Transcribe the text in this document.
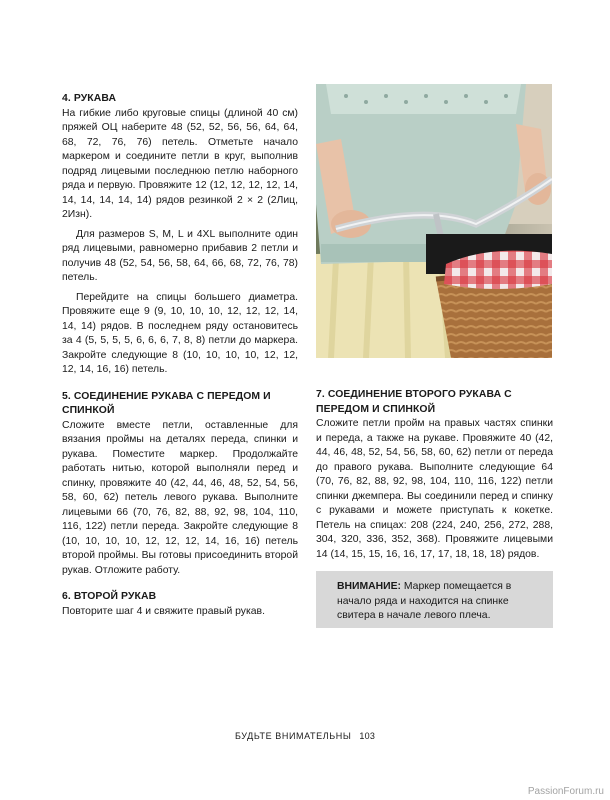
4. РУКАВА

На гибкие либо круговые спицы (длиной 40 см) пряжей ОЦ наберите 48 (52, 52, 56, 56, 64, 64, 68, 72, 76, 76) петель. Отметьте начало маркером и соедините петли в круг, выполнив подряд лицевыми последнюю петлю наборного ряда и первую. Провяжите 12 (12, 12, 12, 12, 14, 14, 14, 14, 14, 14) рядов резинкой 2 × 2 (2Лиц, 2Изн).

Для размеров S, M, L и 4XL выполните один ряд лицевыми, равномерно прибавив 2 петли и получив 48 (52, 54, 56, 58, 64, 66, 68, 72, 76, 78) петель.

Перейдите на спицы большего диаметра. Провяжите еще 9 (9, 10, 10, 10, 12, 12, 12, 14, 14, 14) рядов. В последнем ряду остановитесь за 4 (5, 5, 5, 5, 6, 6, 6, 7, 8, 8) петли до маркера. Закройте следующие 8 (10, 10, 10, 10, 12, 12, 12, 14, 16, 16) петель.

5. СОЕДИНЕНИЕ РУКАВА С ПЕРЕДОМ И СПИНКОЙ

Сложите вместе петли, оставленные для вязания проймы на деталях переда, спинки и рукава. Поместите маркер. Продолжайте работать нитью, которой выполняли перед и спинку, провяжите 40 (42, 44, 46, 48, 52, 54, 56, 58, 60, 62) петель левого рукава. Выполните лицевыми 66 (70, 76, 82, 88, 92, 98, 104, 110, 116, 122) петли переда. Закройте следующие 8 (10, 10, 10, 10, 12, 12, 12, 14, 16, 16) петель второй проймы. Вы готовы присоединить второй рукав. Отложите работу.

6. ВТОРОЙ РУКАВ

Повторите шаг 4 и свяжите правый рукав.

7. СОЕДИНЕНИЕ ВТОРОГО РУКАВА С ПЕРЕДОМ И СПИНКОЙ

Сложите петли пройм на правых частях спинки и переда, а также на рукаве. Провяжите 40 (42, 44, 46, 48, 52, 54, 56, 58, 60, 62) петли от переда до правого рукава. Выполните следующие 64 (70, 76, 82, 88, 92, 98, 104, 110, 116, 122) петли спинки джемпера. Вы соединили перед и спинку с рукавами и можете приступать к кокетке. Петель на спицах: 208 (224, 240, 256, 272, 288, 304, 320, 336, 352, 368). Провяжите лицевыми 14 (14, 15, 15, 16, 16, 17, 17, 18, 18, 18) рядов.

ВНИМАНИЕ: Маркер помещается в начало ряда и находится на спинке свитера в начале левого плеча.
БУДЬТЕ ВНИМАТЕЛЬНЫ 103
PassionForum.ru
